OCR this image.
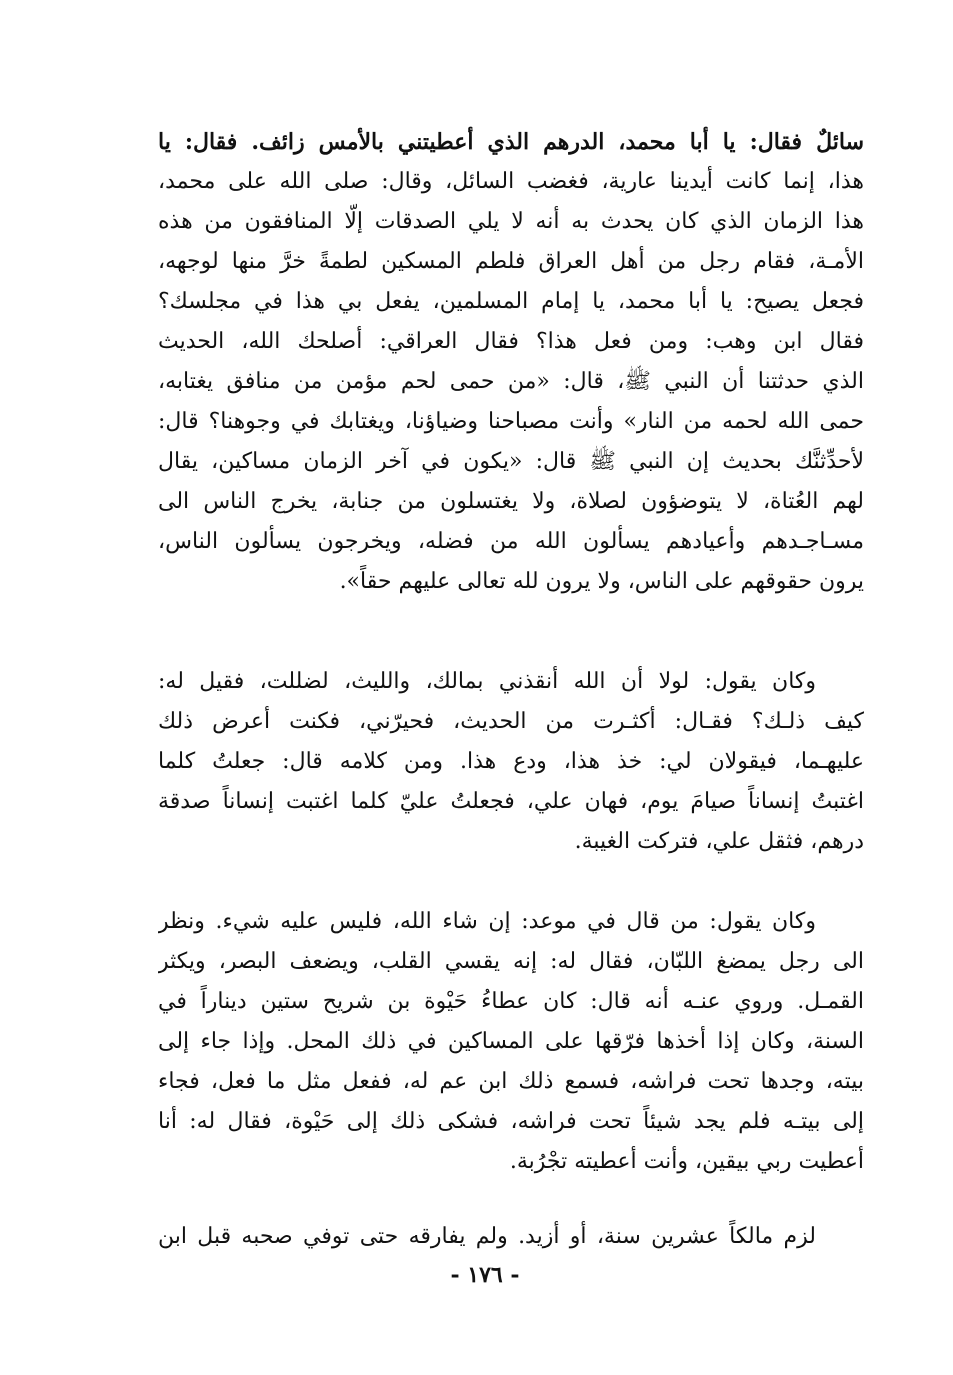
سائلٌ فقال: يا أبا محمد، الدرهم الذي أعطيتني بالأمس زائف. فقال: يا
هذا، إنما كانت أيدينا عارية، فغضب السائل، وقال: صلى الله على محمد،
هذا الزمان الذي كان يحدث به أنه لا يلي الصدقات إلّا المنافقون من هذه
الأمـة، فقام رجل من أهل العراق فلطم المسكين لطمةً خرَّ منها لوجهه،
فجعل يصيح: يا أبا محمد، يا إمام المسلمين، يفعل بي هذا في مجلسك؟
فقال ابن وهب: ومن فعل هذا؟ فقال العراقي: أصلحك الله، الحديث
الذي حدثتنا أن النبي ﷺ، قال: «من حمى لحم مؤمن من منافق يغتابه،
حمى الله لحمه من النار» وأنت مصباحنا وضياؤنا، ويغتابك في وجوهنا؟ قال:
لأحدِّثنَّك بحديث إن النبي ﷺ قال: «يكون في آخر الزمان مساكين، يقال
لهم العُتاة، لا يتوضؤون لصلاة، ولا يغتسلون من جنابة، يخرج الناس الى
مسـاجـدهم وأعيادهم يسألون الله من فضله، ويخرجون يسألون الناس،
يرون حقوقهم على الناس، ولا يرون لله تعالى عليهم حقاً».
وكان يقول: لولا أن الله أنقذني بمالك، والليث، لضللت، فقيل له:
كيف ذلـك؟ فقـال: أكثـرت من الحديث، فحيرّني، فكنت أعرض ذلك
عليهـما، فيقولان لي: خذ هذا، ودع هذا. ومن كلامه قال: جعلتُ كلما
اغتبتُ إنساناً صيامَ يوم، فهان علي، فجعلتُ عليّ كلما اغتبت إنساناً صدقة
درهم، فثقل علي، فتركت الغيبة.
وكان يقول: من قال في موعد: إن شاء الله، فليس عليه شيء. ونظر
الى رجل يمضغ اللبّان، فقال له: إنه يقسي القلب، ويضعف البصر، ويكثر
القمـل. وروي عنـه أنه قال: كان عطاءُ حَيْوة بن شريح ستين ديناراً في
السنة، وكان إذا أخذها فرّقها على المساكين في ذلك المحل. وإذا جاء إلى
بيته، وجدها تحت فراشه، فسمع ذلك ابن عم له، ففعل مثل ما فعل، فجاء
إلى بيتـه فلم يجد شيئاً تحت فراشه، فشكى ذلك إلى حَيْوة، فقال له: أنا
أعطيت ربي بيقين، وأنت أعطيته تجْرُبة.
لزم مالكاً عشرين سنة، أو أزيد. ولم يفارقه حتى توفي صحبه قبل ابن
- ١٧٦ -
